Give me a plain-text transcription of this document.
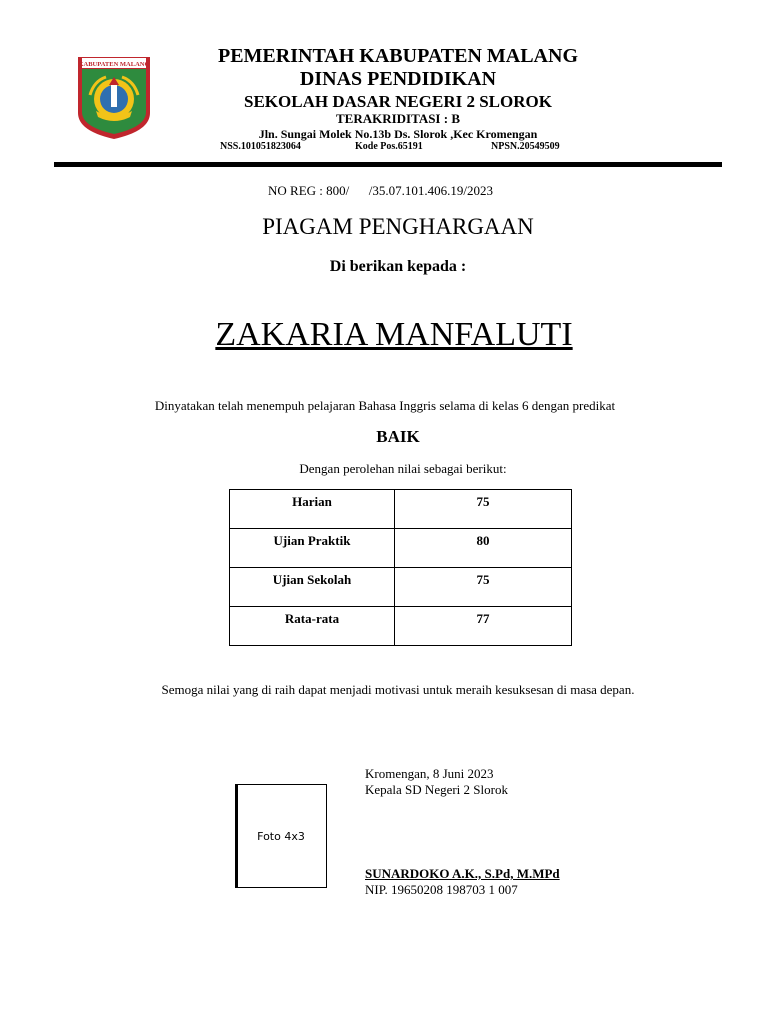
KABUPATEN MALANG	PEMERINTAH KABUPATEN MALANG
DINAS PENDIDIKAN
SEKOLAH DASAR NEGERI 2 SLOROK
TERAKRIDITASI : B
Jln. Sungai Molek No.13b Ds. Slorok ,Kec Kromengan
NSS.101051823064	Kode Pos.65191	NPSN.20549509
NO REG : 800/      /35.07.101.406.19/2023
PIAGAM PENGHARGAAN
Di berikan kepada :
ZAKARIA MANFALUTI
Dinyatakan telah menempuh pelajaran Bahasa Inggris selama di kelas 6 dengan predikat
BAIK
Dengan perolehan nilai sebagai berikut:
Harian	75
Ujian Praktik	80
Ujian Sekolah	75
Rata-rata	77
Semoga nilai yang di raih dapat menjadi motivasi untuk meraih kesuksesan di masa depan.
Foto 4x3
Kromengan, 8 Juni 2023
Kepala SD Negeri 2 Slorok
SUNARDOKO A.K., S.Pd, M.MPd
NIP. 19650208 198703 1 007
